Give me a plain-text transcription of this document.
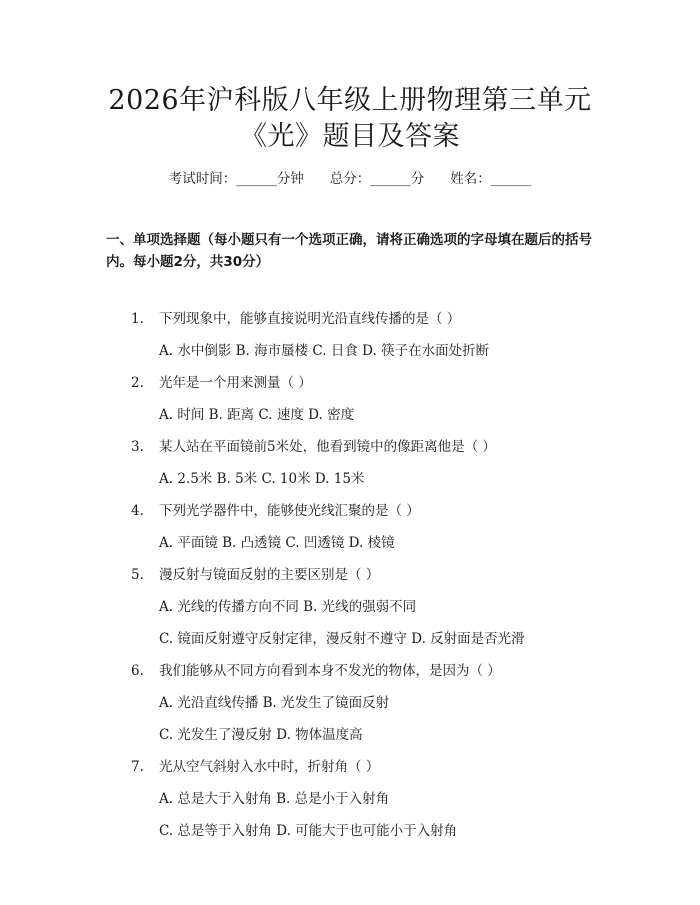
2026年沪科版八年级上册物理第三单元
《光》题目及答案
考试时间：______分钟 总分：______分 姓名：______
一、单项选择题（每小题只有一个选项正确，请将正确选项的字母填在题后的括号内。每小题2分，共30分）
1. 下列现象中，能够直接说明光沿直线传播的是（ ）
A. 水中倒影 B. 海市蜃楼 C. 日食 D. 筷子在水面处折断
2. 光年是一个用来测量（ ）
A. 时间 B. 距离 C. 速度 D. 密度
3. 某人站在平面镜前5米处，他看到镜中的像距离他是（ ）
A. 2.5米 B. 5米 C. 10米 D. 15米
4. 下列光学器件中，能够使光线汇聚的是（ ）
A. 平面镜 B. 凸透镜 C. 凹透镜 D. 棱镜
5. 漫反射与镜面反射的主要区别是（ ）
A. 光线的传播方向不同 B. 光线的强弱不同
C. 镜面反射遵守反射定律，漫反射不遵守 D. 反射面是否光滑
6. 我们能够从不同方向看到本身不发光的物体，是因为（ ）
A. 光沿直线传播 B. 光发生了镜面反射
C. 光发生了漫反射 D. 物体温度高
7. 光从空气斜射入水中时，折射角（ ）
A. 总是大于入射角 B. 总是小于入射角
C. 总是等于入射角 D. 可能大于也可能小于入射角
